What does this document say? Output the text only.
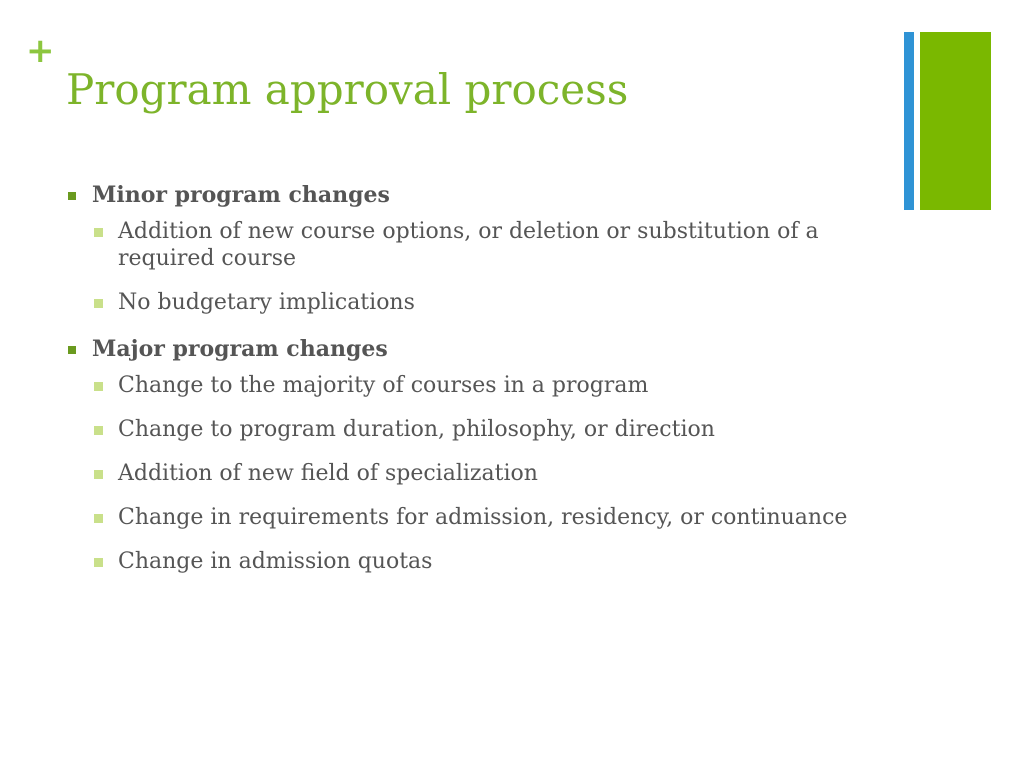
+
Program approval process
Minor program changes
Addition of new course options, or deletion or substitution of a required course
No budgetary implications
Major program changes
Change to the majority of courses in a program
Change to program duration, philosophy, or direction
Addition of new field of specialization
Change in requirements for admission, residency, or continuance
Change in admission quotas
